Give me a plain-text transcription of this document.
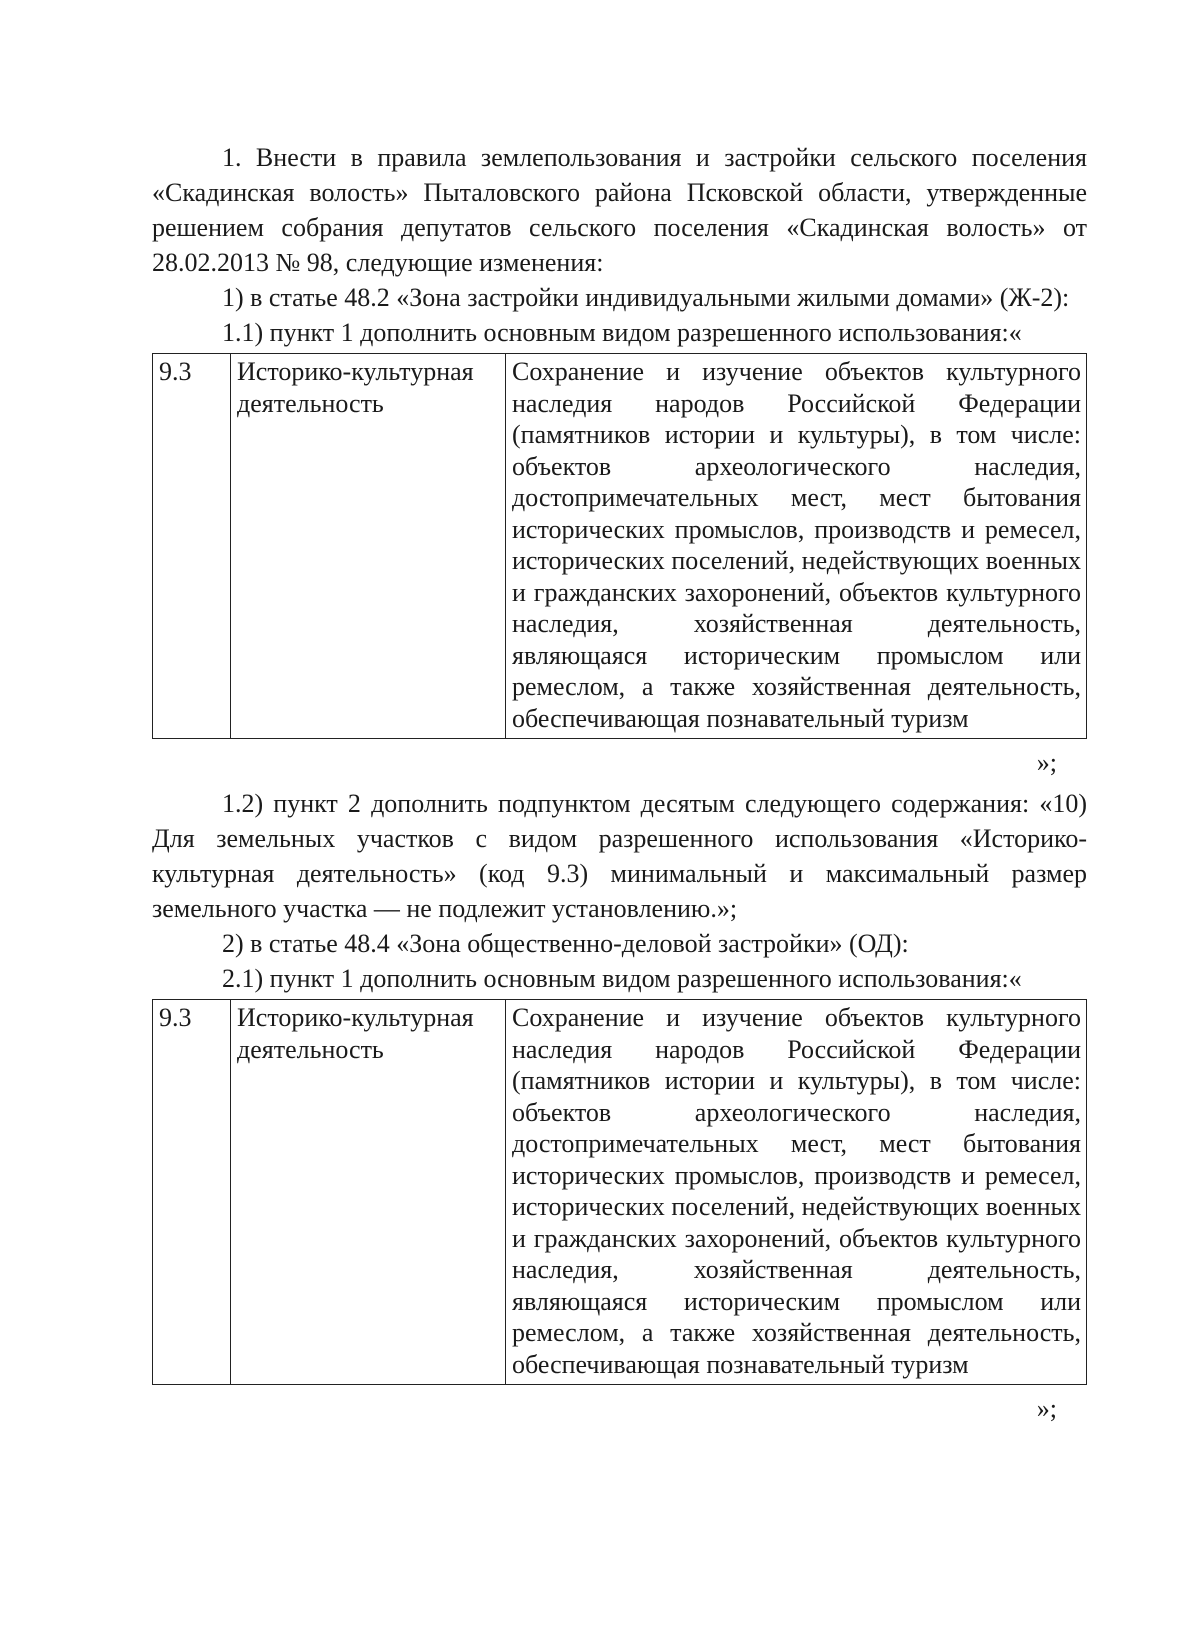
1. Внести в правила землепользования и застройки сельского поселения «Скадинская волость» Пыталовского района Псковской области, утвержденные решением собрания депутатов сельского поселения «Скадинская волость» от 28.02.2013 № 98, следующие изменения:

1) в статье 48.2 «Зона застройки индивидуальными жилыми домами» (Ж-2):

1.1) пункт 1 дополнить основным видом разрешенного использования:«

9.3	Историко-культурная деятельность	Сохранение и изучение объектов культурного наследия народов Российской Федерации (памятников истории и культуры), в том числе: объектов археологического наследия, достопримечательных мест, мест бытования исторических промыслов, производств и ремесел, исторических поселений, недействующих военных и гражданских захоронений, объектов культурного наследия, хозяйственная деятельность, являющаяся историческим промыслом или ремеслом, а также хозяйственная деятельность, обеспечивающая познавательный туризм
»;

1.2) пункт 2 дополнить подпунктом десятым следующего содержания: «10) Для земельных участков с видом разрешенного использования «Историко-культурная деятельность» (код 9.3) минимальный и максимальный размер земельного участка — не подлежит установлению.»;

2) в статье 48.4 «Зона общественно-деловой застройки» (ОД):

2.1) пункт 1 дополнить основным видом разрешенного использования:«

9.3	Историко-культурная деятельность	Сохранение и изучение объектов культурного наследия народов Российской Федерации (памятников истории и культуры), в том числе: объектов археологического наследия, достопримечательных мест, мест бытования исторических промыслов, производств и ремесел, исторических поселений, недействующих военных и гражданских захоронений, объектов культурного наследия, хозяйственная деятельность, являющаяся историческим промыслом или ремеслом, а также хозяйственная деятельность, обеспечивающая познавательный туризм
»;
